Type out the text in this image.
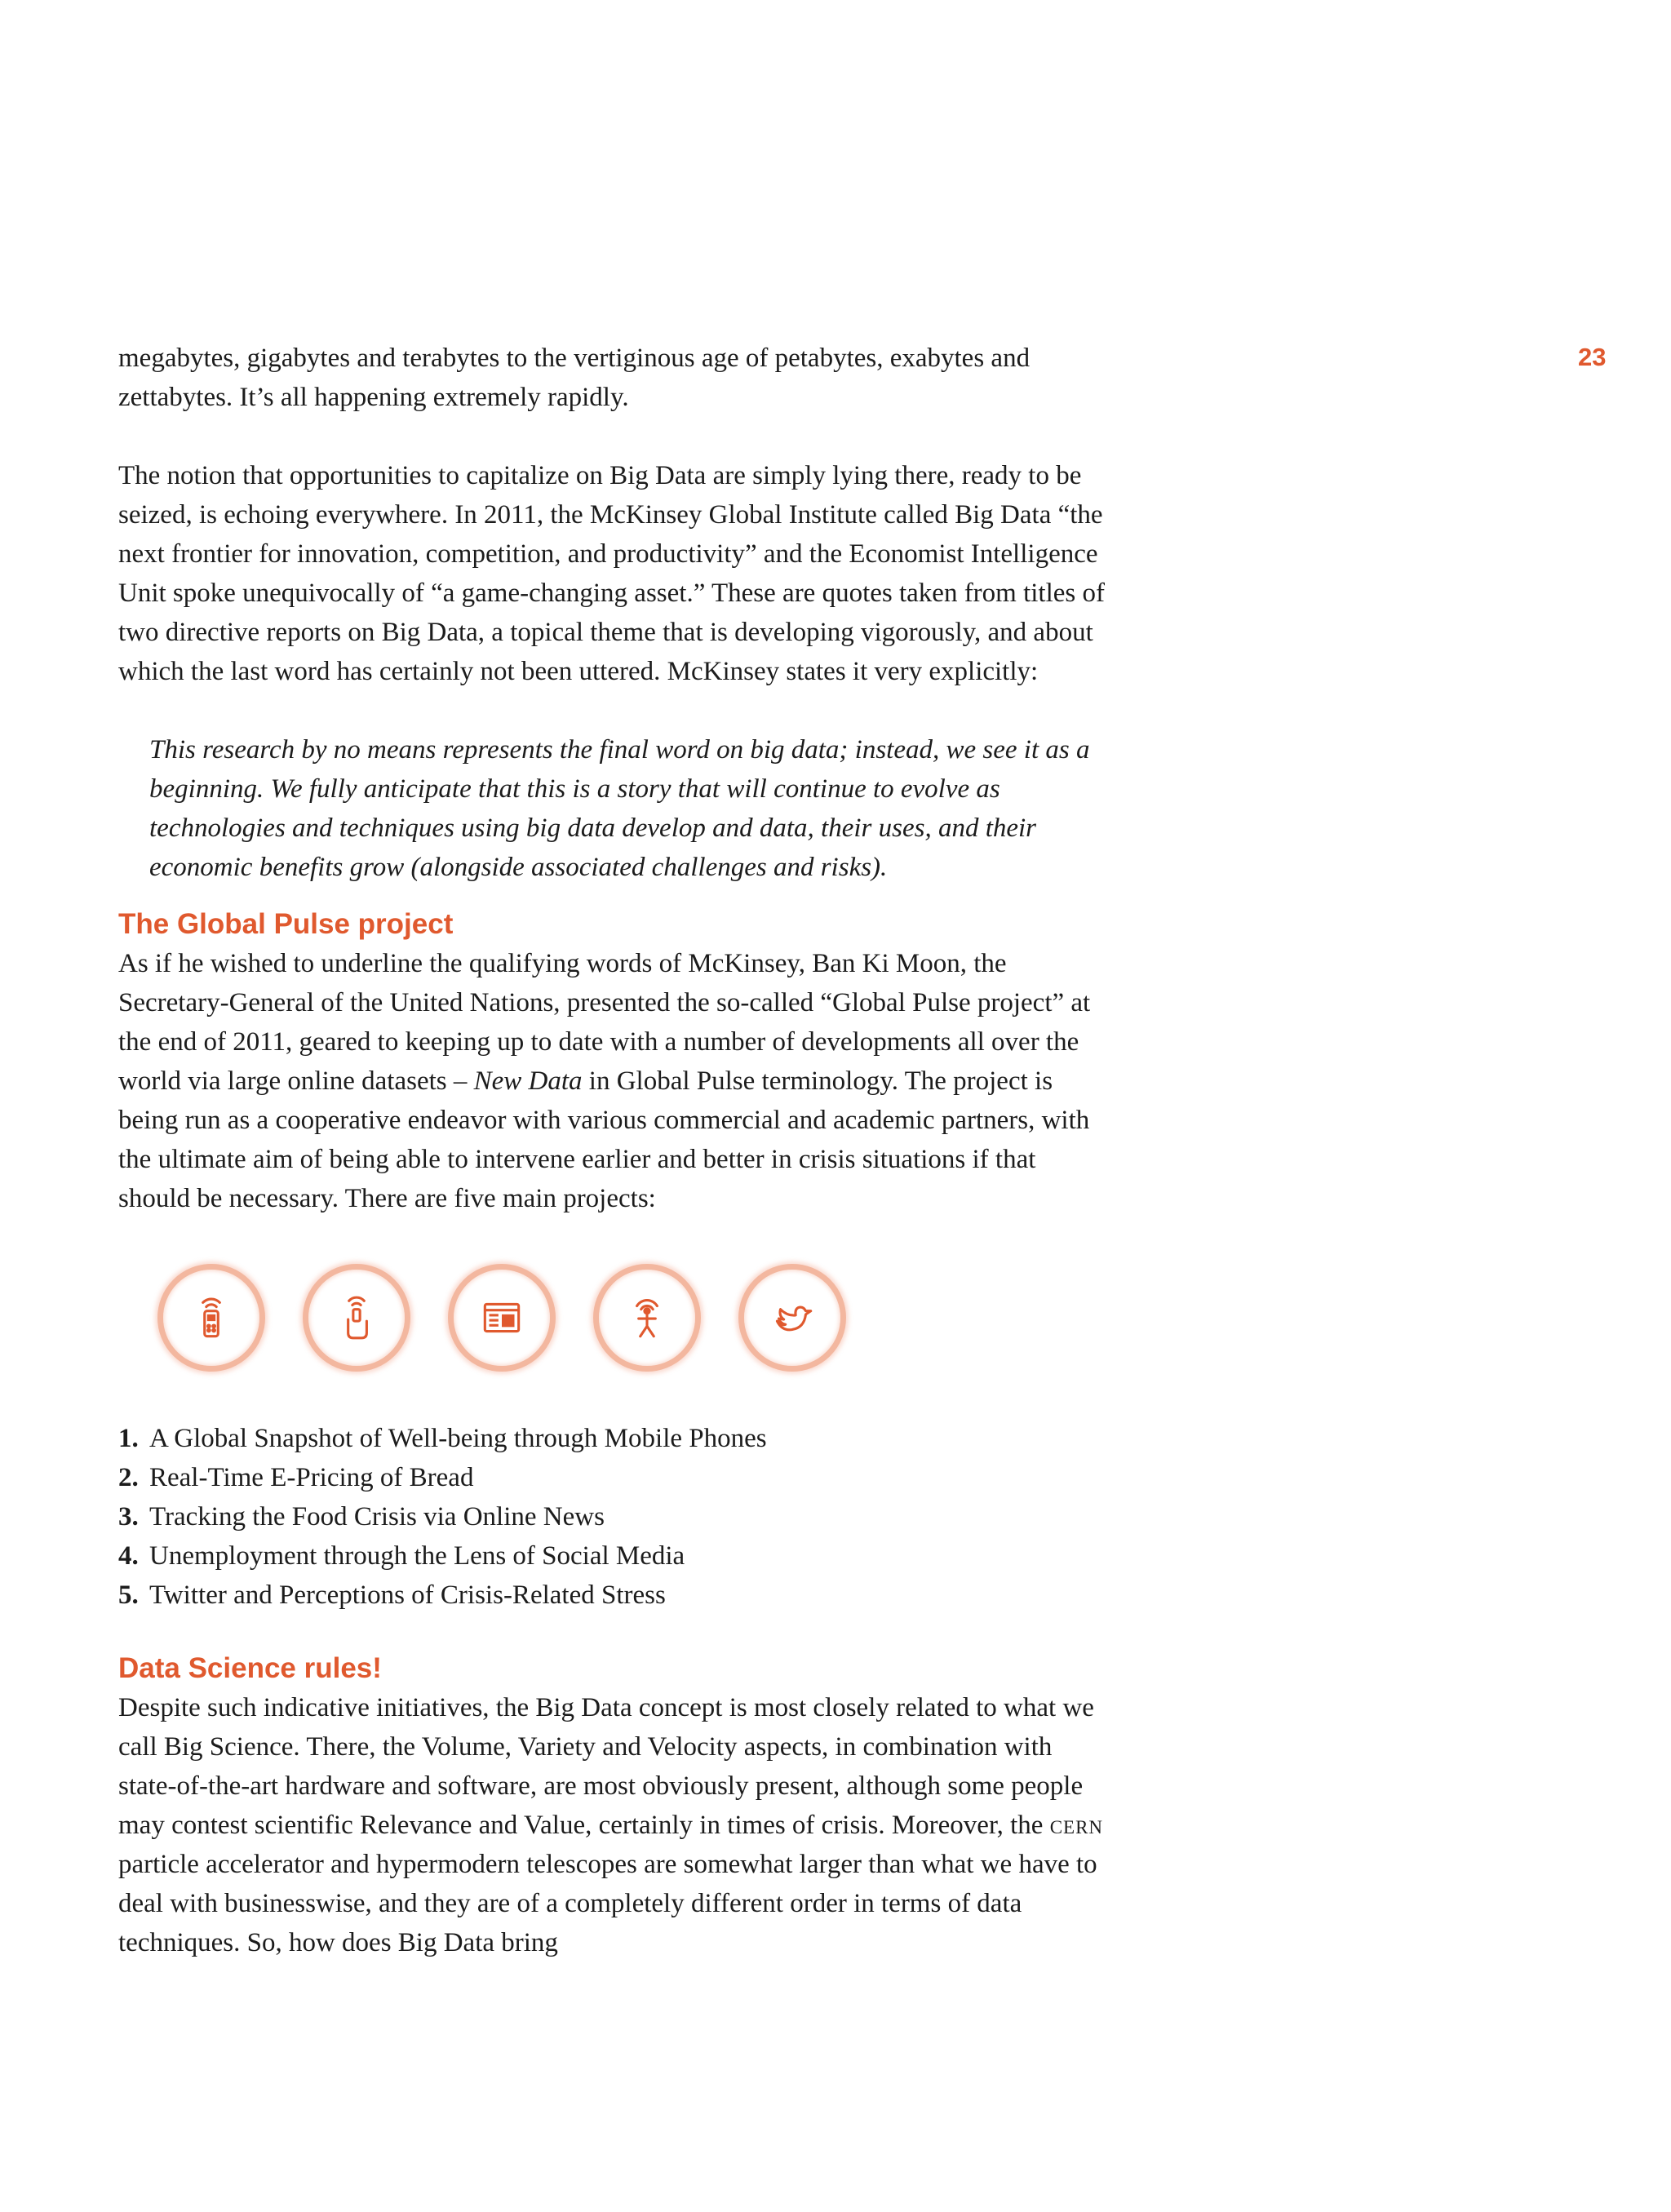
23

megabytes, gigabytes and terabytes to the vertiginous age of petabytes, exabytes and zettabytes. It’s all happening extremely rapidly.

The notion that opportunities to capitalize on Big Data are simply lying there, ready to be seized, is echoing everywhere. In 2011, the McKinsey Global Institute called Big Data “the next frontier for innovation, competition, and productivity” and the Economist Intelligence Unit spoke unequivocally of “a game-changing asset.” These are quotes taken from titles of two directive reports on Big Data, a topical theme that is developing vigorously, and about which the last word has certainly not been uttered. McKinsey states it very explicitly:

This research by no means represents the final word on big data; instead, we see it as a beginning. We fully anticipate that this is a story that will continue to evolve as technologies and techniques using big data develop and data, their uses, and their economic benefits grow (alongside associated challenges and risks).
The Global Pulse project

As if he wished to underline the qualifying words of McKinsey, Ban Ki Moon, the Secretary-General of the United Nations, presented the so-called “Global Pulse project” at the end of 2011, geared to keeping up to date with a number of developments all over the world via large online datasets – New Data in Global Pulse terminology. The project is being run as a cooperative endeavor with various commercial and academic partners, with the ultimate aim of being able to intervene earlier and better in crisis situations if that should be necessary. There are five main projects:

1. A Global Snapshot of Well-being through Mobile Phones
2. Real-Time E-Pricing of Bread
3. Tracking the Food Crisis via Online News
4. Unemployment through the Lens of Social Media
5. Twitter and Perceptions of Crisis-Related Stress
Data Science rules!

Despite such indicative initiatives, the Big Data concept is most closely related to what we call Big Science. There, the Volume, Variety and Velocity aspects, in combination with state-of-the-art hardware and software, are most obviously present, although some people may contest scientific Relevance and Value, certainly in times of crisis. Moreover, the cern particle accelerator and hypermodern telescopes are somewhat larger than what we have to deal with businesswise, and they are of a completely different order in terms of data techniques. So, how does Big Data bring
